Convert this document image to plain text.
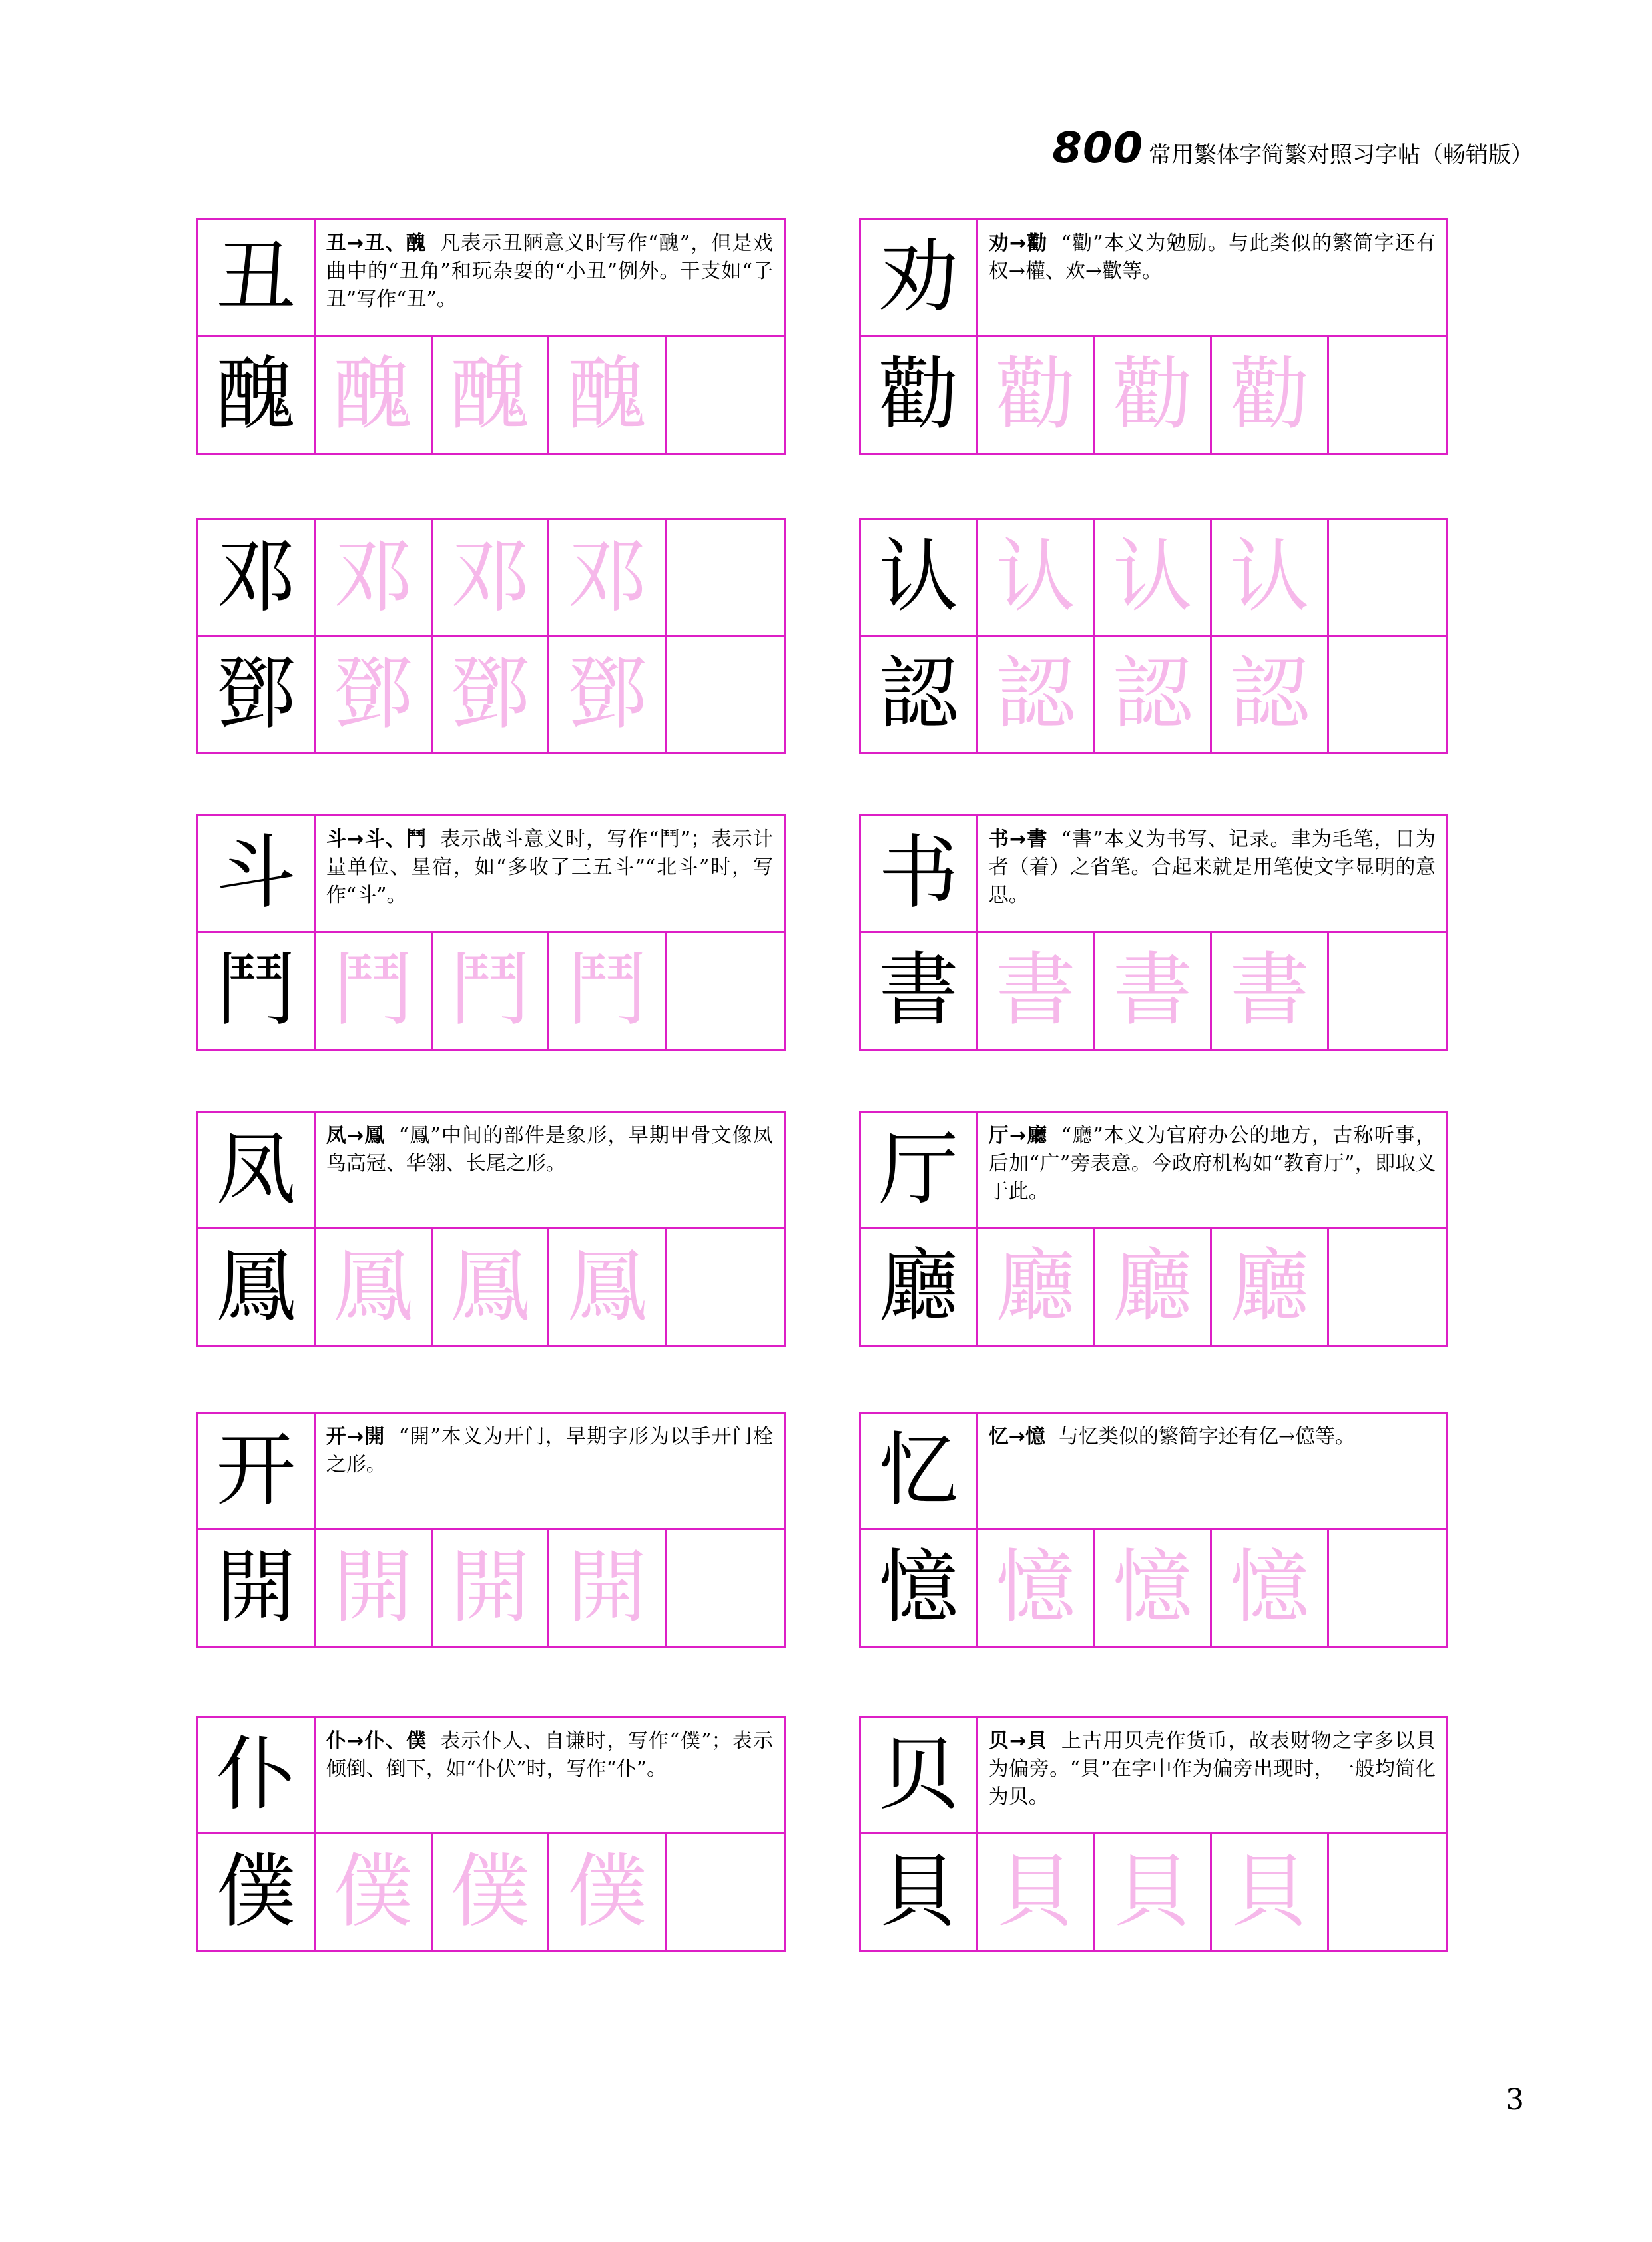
800 常用繁体字简繁对照习字帖（畅销版）
丑 丑→丑、醜 凡表示丑陋意义时写作“醜”，但是戏曲中的“丑角”和玩杂耍的“小丑”例外。干支如“子丑”写作“丑”。
醜 醜 醜 醜
劝 劝→勸 “勸”本义为勉励。与此类似的繁简字还有权→權、欢→歡等。
勸 勸 勸 勸
邓 邓 邓 邓
鄧 鄧 鄧 鄧
认 认 认 认
認 認 認 認
斗 斗→斗、鬥 表示战斗意义时，写作“鬥”；表示计量单位、星宿，如“多收了三五斗”“北斗”时，写作“斗”。
鬥 鬥 鬥 鬥
书 书→書 “書”本义为书写、记录。聿为毛笔，日为者（着）之省笔。合起来就是用笔使文字显明的意思。
書 書 書 書
凤 凤→鳳 “鳳”中间的部件是象形，早期甲骨文像凤鸟高冠、华翎、长尾之形。
鳳 鳳 鳳 鳳
厅 厅→廳 “廳”本义为官府办公的地方，古称听事，后加“广”旁表意。今政府机构如“教育厅”，即取义于此。
廳 廳 廳 廳
开 开→開 “開”本义为开门，早期字形为以手开门栓之形。
開 開 開 開
忆 忆→憶 与忆类似的繁简字还有亿→億等。
憶 憶 憶 憶
仆 仆→仆、僕 表示仆人、自谦时，写作“僕”；表示倾倒、倒下，如“仆伏”时，写作“仆”。
僕 僕 僕 僕
贝 贝→貝 上古用贝壳作货币，故表财物之字多以貝为偏旁。“貝”在字中作为偏旁出现时，一般均简化为贝。
貝 貝 貝 貝
3
